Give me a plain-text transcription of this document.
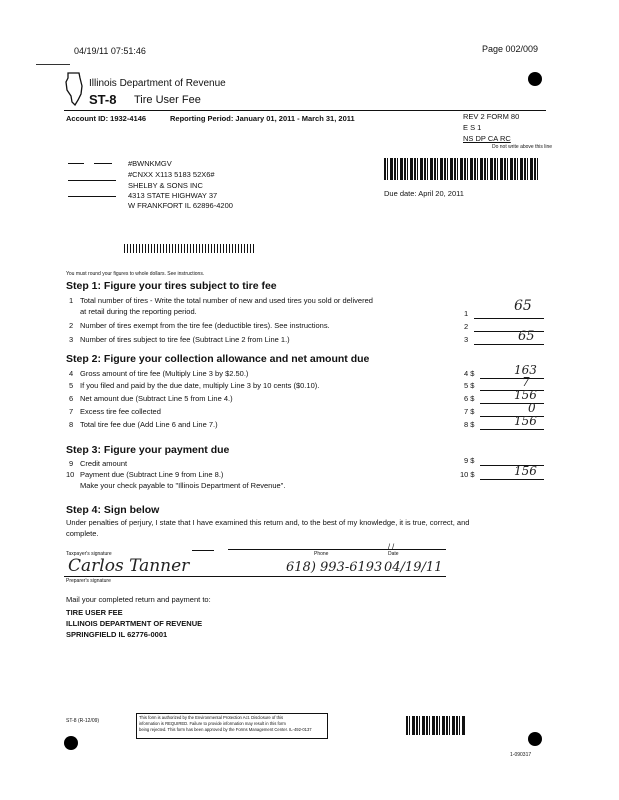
04/19/11 07:51:46	Page 002/009
Illinois Department of Revenue
ST-8 Tire User Fee
Account ID: 1932-4146	Reporting Period: January 01, 2011 - March 31, 2011	REV 2 FORM 80
E S 1
NS DP CA RC
Do not write above this line
#BWNKMGV
#CNXX X113 5183 52X6#
SHELBY & SONS INC
4313 STATE HIGHWAY 37
W FRANKFORT IL 62896-4200
Due date: April 20, 2011
You must round your figures to whole dollars. See instructions.
Step 1: Figure your tires subject to tire fee
1 Total number of tires - Write the total number of new and used tires you sold or delivered
at retail during the reporting period.	1	65
2 Number of tires exempt from the tire fee (deductible tires). See instructions.	2
3 Number of tires subject to tire fee (Subtract Line 2 from Line 1.)	3	65
Step 2: Figure your collection allowance and net amount due
4 Gross amount of tire fee (Multiply Line 3 by $2.50.)	4 $	163
5 If you filed and paid by the due date, multiply Line 3 by 10 cents ($0.10).	5 $	7
6 Net amount due (Subtract Line 5 from Line 4.)	6 $	156
7 Excess tire fee collected	7 $	0
8 Total tire fee due (Add Line 6 and Line 7.)	8 $	156
Step 3: Figure your payment due
9 Credit amount	9 $
10 Payment due (Subtract Line 9 from Line 8.)
Make your check payable to "Illinois Department of Revenue".
10 $	156
Step 4: Sign below
Under penalties of perjury, I state that I have examined this return and, to the best of my knowledge, it is true, correct, and
complete.
/ /
Taxpayer's signature	Phone	Date
Carlos Tanner	618) 993-6193 04/19/11
Preparer's signature
Mail your completed return and payment to:
TIRE USER FEE
ILLINOIS DEPARTMENT OF REVENUE
SPRINGFIELD IL 62776-0001
ST-8 (R-12/09)
This form is authorized by the Environmental Protection Act. Disclosure of this
information is REQUIRED. Failure to provide information may result in this form
being rejected. This form has been approved by the Forms Management Center. IL-492-0137
1-090317
